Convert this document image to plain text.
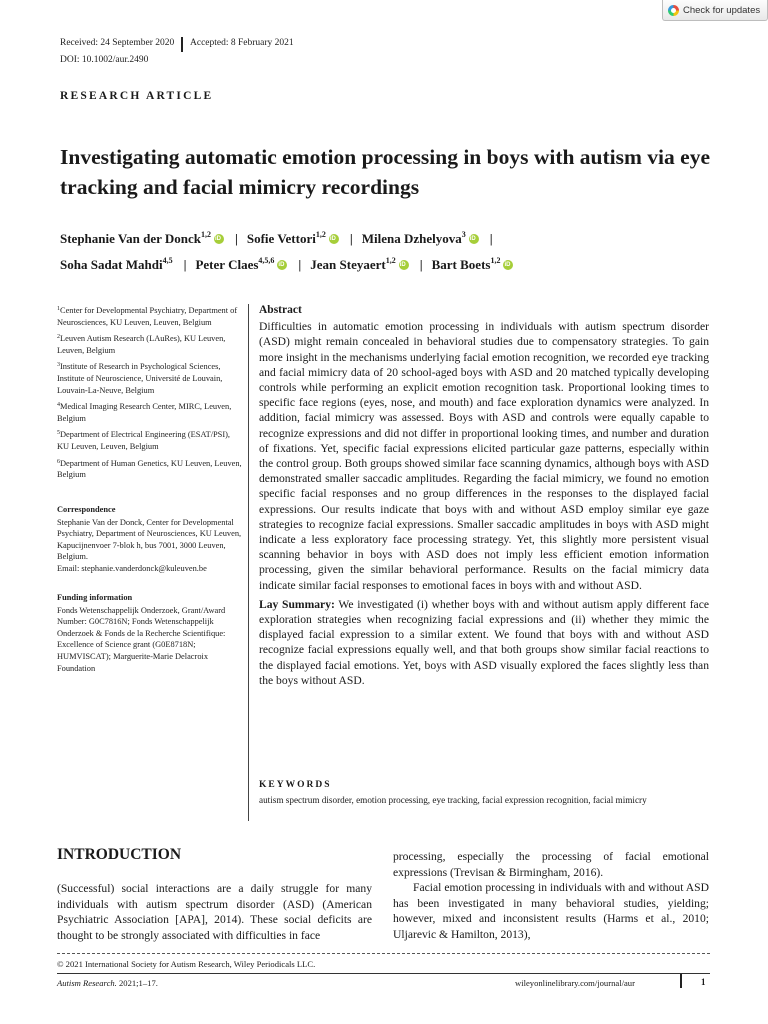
Check for updates
Received: 24 September 2020 Accepted: 8 February 2021
DOI: 10.1002/aur.2490
RESEARCH ARTICLE
Investigating automatic emotion processing in boys with autism via eye tracking and facial mimicry recordings
Stephanie Van der Donck$^{1,2}$ iD | Sofie Vettori$^{1,2}$ iD | Milena Dzhelyova$^3$ iD |
Soha Sadat Mahdi$^{4,5}$ | Peter Claes$^{4,5,6}$ iD | Jean Steyaert$^{1,2}$ iD | Bart Boets$^{1,2}$iD

$^1$Center for Developmental Psychiatry, Department of Neurosciences, KU Leuven, Leuven, Belgium

$^2$Leuven Autism Research (LAuRes), KU Leuven, Leuven, Belgium

$^3$Institute of Research in Psychological Sciences, Institute of Neuroscience, Université de Louvain, Louvain-La-Neuve, Belgium

$^4$Medical Imaging Research Center, MIRC, Leuven, Belgium

$^5$Department of Electrical Engineering (ESAT/PSI), KU Leuven, Leuven, Belgium

$^6$Department of Human Genetics, KU Leuven, Leuven, Belgium

Correspondence
Stephanie Van der Donck, Center for Developmental Psychiatry, Department of Neurosciences, KU Leuven, Kapucijnenvoer 7-blok h, bus 7001, 3000 Leuven, Belgium.
Email: stephanie.vanderdonck@kuleuven.be
Funding information
Fonds Wetenschappelijk Onderzoek, Grant/Award Number: G0C7816N; Fonds Wetenschappelijk Onderzoek & Fonds de la Recherche Scientifique: Excellence of Science grant (G0E8718N; HUMVISCAT); Marguerite-Marie Delacroix Foundation
Abstract

Difficulties in automatic emotion processing in individuals with autism spectrum disorder (ASD) might remain concealed in behavioral studies due to compensatory strategies. To gain more insight in the mechanisms underlying facial emotion recognition, we recorded eye tracking and facial mimicry data of 20 school-aged boys with ASD and 20 matched typically developing controls while performing an explicit emotion recognition task. Proportional looking times to specific face regions (eyes, nose, and mouth) and face exploration dynamics were analyzed. In addition, facial mimicry was assessed. Boys with ASD and controls were equally capable to recognize expressions and did not differ in proportional looking times, and number and duration of fixations. Yet, specific facial expressions elicited particular gaze patterns, especially within the control group. Both groups showed similar face scanning dynamics, although boys with ASD demonstrated smaller saccadic amplitudes. Regarding the facial mimicry, we found no emotion specific facial responses and no group differences in the responses to the displayed facial expressions. Our results indicate that boys with and without ASD employ similar eye gaze strategies to recognize facial expressions. Smaller saccadic amplitudes in boys with ASD might indicate a less exploratory face processing strategy. Yet, this slightly more persistent visual scanning behavior in boys with ASD does not imply less efficient emotion information processing, given the similar behavioral performance. Results on the facial mimicry data indicate similar facial responses to emotional faces in boys with and without ASD.

Lay Summary: We investigated (i) whether boys with and without autism apply different face exploration strategies when recognizing facial expressions and (ii) whether they mimic the displayed facial expression to a similar extent. We found that boys with and without ASD recognize facial expressions equally well, and that both groups show similar facial reactions to the displayed facial emotions. Yet, boys with ASD visually explored the faces slightly less than the boys without ASD.

KEYWORDS
autism spectrum disorder, emotion processing, eye tracking, facial expression recognition, facial mimicry
INTRODUCTION

(Successful) social interactions are a daily struggle for many individuals with autism spectrum disorder (ASD) (American Psychiatric Association [APA], 2014). These social deficits are thought to be strongly associated with difficulties in face

processing, especially the processing of facial emotional expressions (Trevisan & Birmingham, 2016).

Facial emotion processing in individuals with and without ASD has been investigated in many behavioral studies, yielding; however, mixed and inconsistent results (Harms et al., 2010; Uljarevic & Hamilton, 2013),

© 2021 International Society for Autism Research, Wiley Periodicals LLC.
Autism Research. 2021;1–17.	wileyonlinelibrary.com/journal/aur	1
